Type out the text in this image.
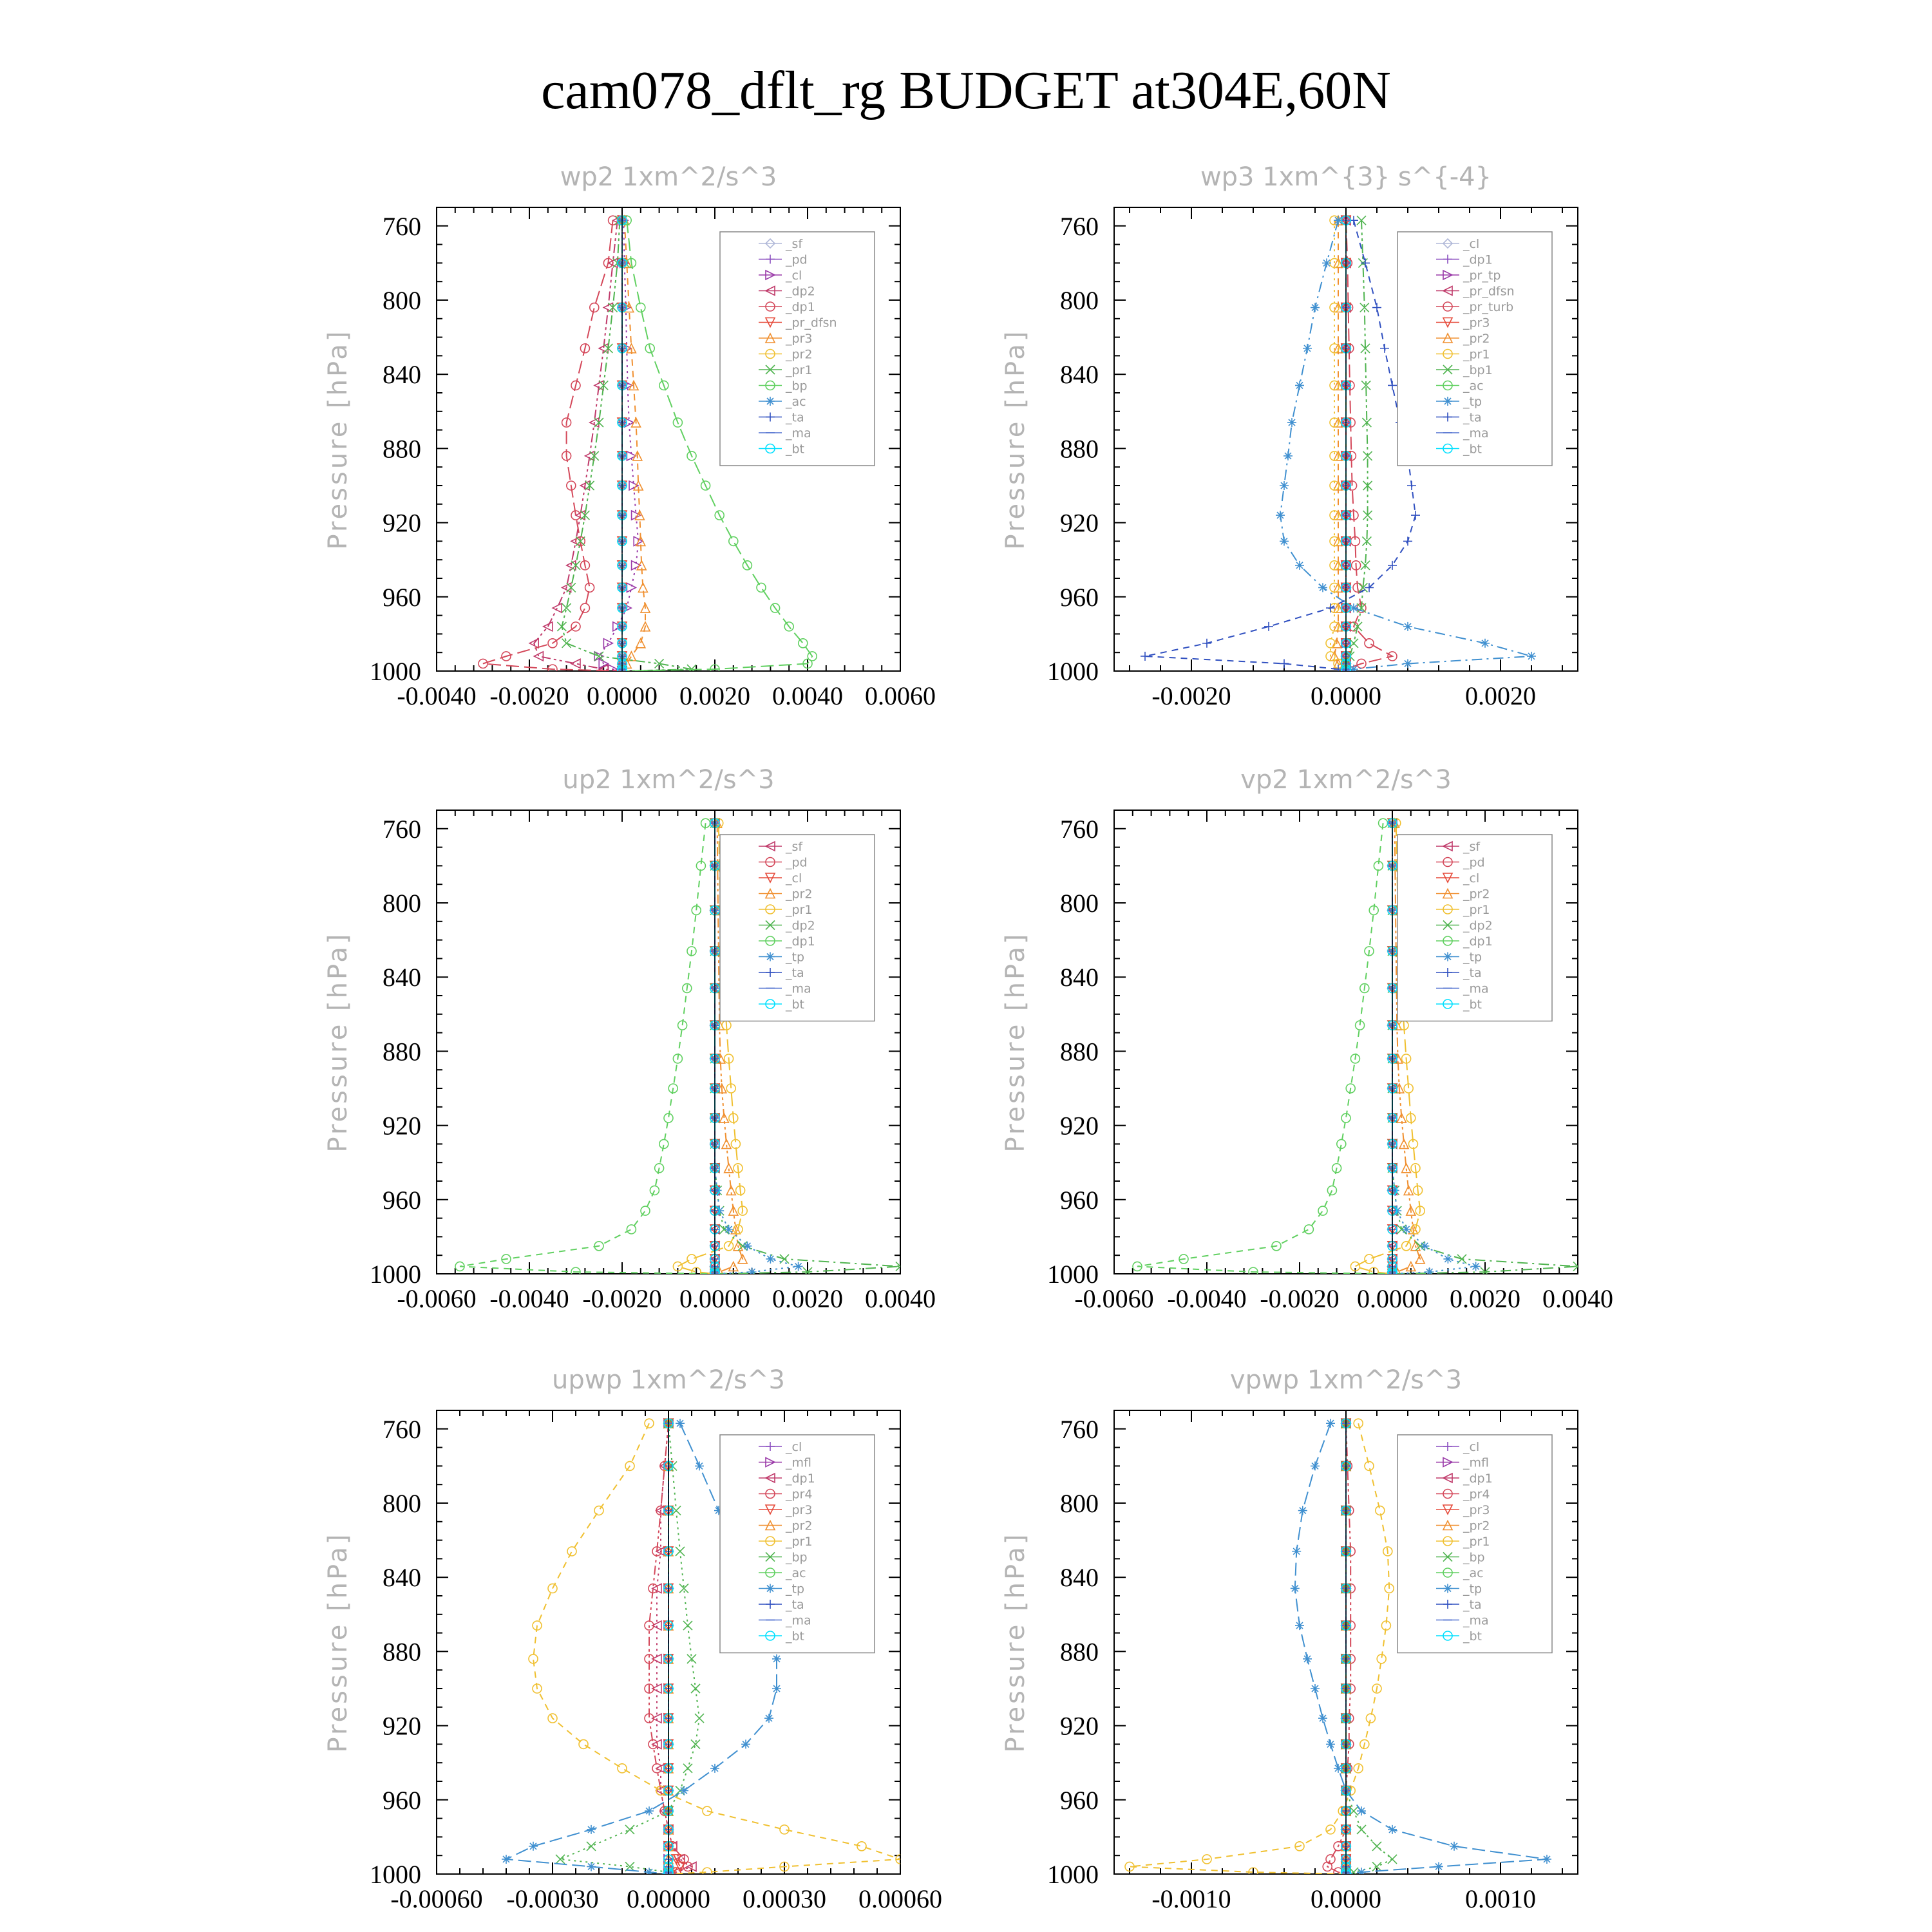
cam078_dflt_rg BUDGET at304E,60N
wp2 1xm^2/s^3
Pressure [hPa]
760
800
840
880
920
960
1000
-0.0040 -0.0020 0.0000 0.0020 0.0040 0.0060
_sf
_pd
_cl
_dp2
_dp1
_pr_dfsn
_pr3
_pr2
_pr1
_bp
_ac
_ta
_ma
_bt
wp3 1xm^{3} s^{-4}
Pressure [hPa]
760
800
840
880
920
960
1000
-0.0020	0.0000	0.0020
_cl
_dp1
_pr_tp
_pr_dfsn
_pr_turb
_pr3
_pr2
_pr1
_bp1
_ac
_tp
_ta
_ma
_bt
up2 1xm^2/s^3
Pressure [hPa]
760
800
840
880
920
960
1000
-0.0060 -0.0040 -0.0020 0.0000 0.0020 0.0040
_sf
_pd
_cl
_pr2
_pr1
_dp2
_dp1
_tp
_ta
_ma
_bt
vp2 1xm^2/s^3
Pressure [hPa]
760
800
840
880
920
960
1000
-0.0060 -0.0040 -0.0020 0.0000 0.0020 0.0040
_sf
_pd
_cl
_pr2
_pr1
_dp2
_dp1
_tp
_ta
_ma
_bt
upwp 1xm^2/s^3
Pressure [hPa]
760
800
840
880
920
960
1000
-0.00060 -0.00030 0.00000 0.00030 0.00060
_cl
_mfl
_dp1
_pr4
_pr3
_pr2
_pr1
_bp
_ac
_tp
_ta
_ma
_bt
vpwp 1xm^2/s^3
Pressure [hPa]
760
800
840
880
920
960
1000
-0.0010	0.0000	0.0010
_cl
_mfl
_dp1
_pr4
_pr3
_pr2
_pr1
_bp
_ac
_tp
_ta
_ma
_bt
